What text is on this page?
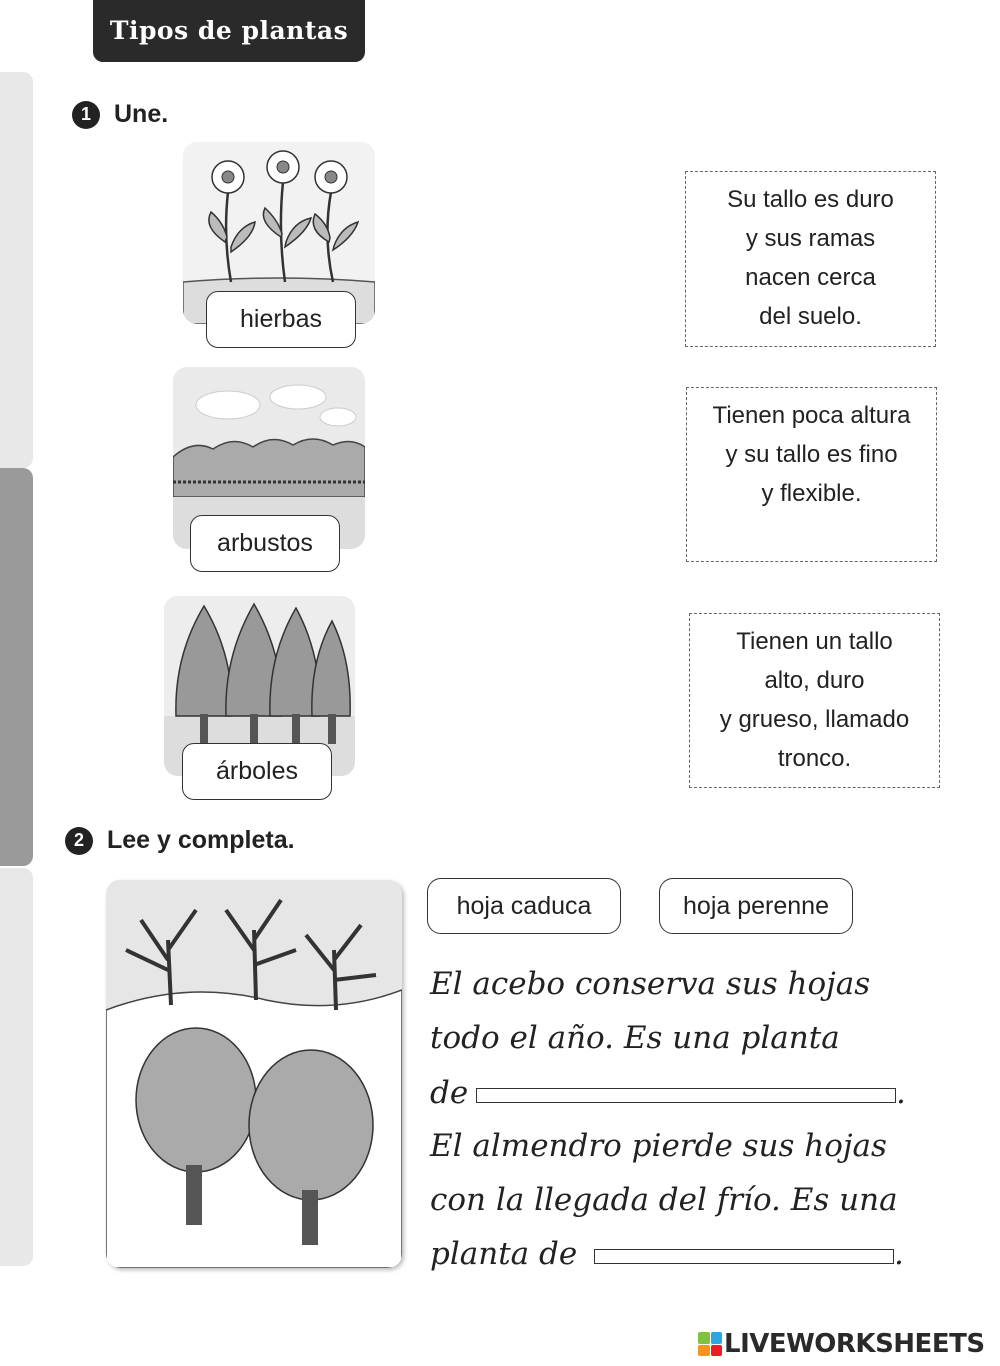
Tipos de plantas
1 Une.
hierbas
arbustos
árboles
Su tallo es duro
y sus ramas
nacen cerca
del suelo.
Tienen poca altura
y su tallo es fino
y flexible.
Tienen un tallo
alto, duro
y grueso, llamado
tronco.
2 Lee y completa.
hoja caduca	hoja perenne
El acebo conserva sus hojas
todo el año. Es una planta
de	.
El almendro pierde sus hojas
con la llegada del frío. Es una
planta de	.
LIVEWORKSHEETS
